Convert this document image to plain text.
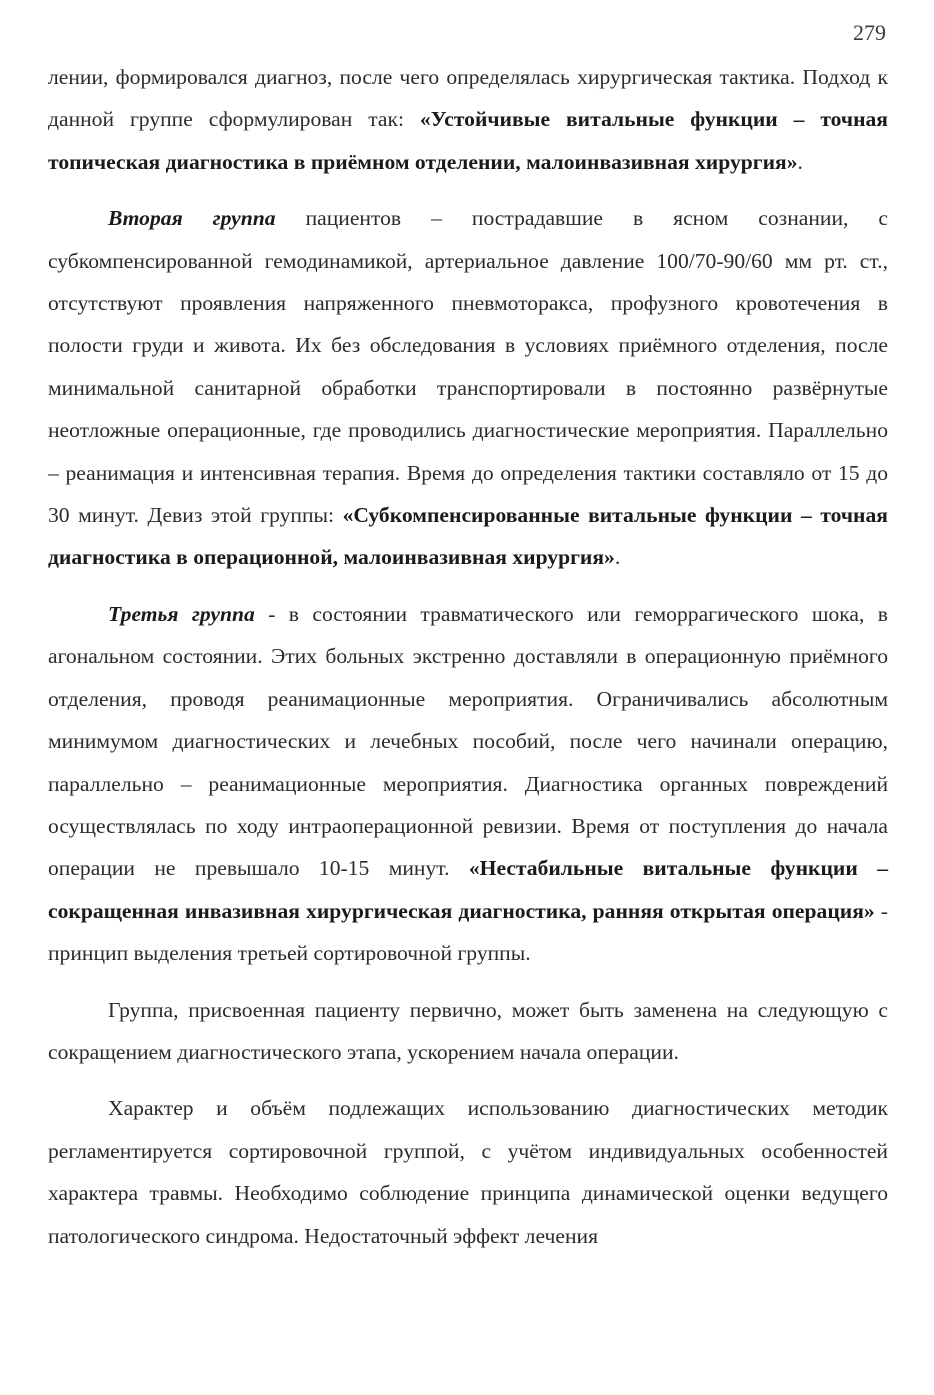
279

лении, формировался диагноз, после чего определялась хирургическая тактика. Подход к данной группе сформулирован так: «Устойчивые витальные функции – точная топическая диагностика в приёмном отделении, малоинвазивная хирургия».

Вторая группа пациентов – пострадавшие в ясном сознании, с субкомпенсированной гемодинамикой, артериальное давление 100/70-90/60 мм рт. ст., отсутствуют проявления напряженного пневмоторакса, профузного кровотечения в полости груди и живота. Их без обследования в условиях приёмного отделения, после минимальной санитарной обработки транспортировали в постоянно развёрнутые неотложные операционные, где проводились диагностические мероприятия. Параллельно – реанимация и интенсивная терапия. Время до определения тактики составляло от 15 до 30 минут. Девиз этой группы: «Субкомпенсированные витальные функции – точная диагностика в операционной, малоинвазивная хирургия».

Третья группа - в состоянии травматического или геморрагического шока, в агональном состоянии. Этих больных экстренно доставляли в операционную приёмного отделения, проводя реанимационные мероприятия. Ограничивались абсолютным минимумом диагностических и лечебных пособий, после чего начинали операцию, параллельно – реанимационные мероприятия. Диагностика органных повреждений осуществлялась по ходу интраоперационной ревизии. Время от поступления до начала операции не превышало 10-15 минут. «Нестабильные витальные функции – сокращенная инвазивная хирургическая диагностика, ранняя открытая операция» - принцип выделения третьей сортировочной группы.

Группа, присвоенная пациенту первично, может быть заменена на следующую с сокращением диагностического этапа, ускорением начала операции.

Характер и объём подлежащих использованию диагностических методик регламентируется сортировочной группой, с учётом индивидуальных особенностей характера травмы. Необходимо соблюдение принципа динамической оценки ведущего патологического синдрома. Недостаточный эффект лечения
